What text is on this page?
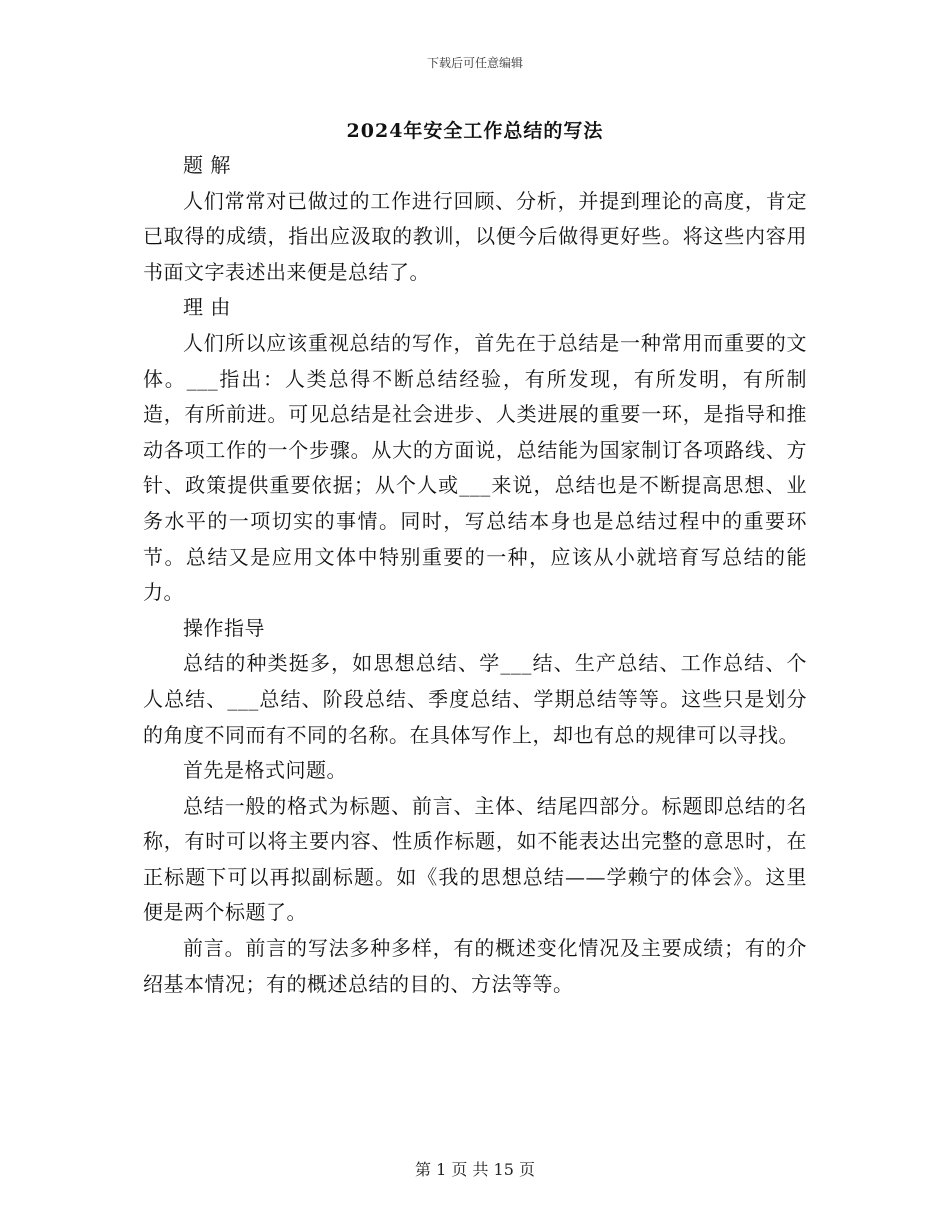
下载后可任意编辑
2024年安全工作总结的写法

题 解

人们常常对已做过的工作进行回顾、分析，并提到理论的高度，肯定已取得的成绩，指出应汲取的教训，以便今后做得更好些。将这些内容用书面文字表述出来便是总结了。

理 由

人们所以应该重视总结的写作，首先在于总结是一种常用而重要的文体。___指出：人类总得不断总结经验，有所发现，有所发明，有所制造，有所前进。可见总结是社会进步、人类进展的重要一环，是指导和推动各项工作的一个步骤。从大的方面说，总结能为国家制订各项路线、方针、政策提供重要依据；从个人或___来说，总结也是不断提高思想、业务水平的一项切实的事情。同时，写总结本身也是总结过程中的重要环节。总结又是应用文体中特别重要的一种，应该从小就培育写总结的能力。

操作指导

总结的种类挺多，如思想总结、学___结、生产总结、工作总结、个人总结、___总结、阶段总结、季度总结、学期总结等等。这些只是划分的角度不同而有不同的名称。在具体写作上，却也有总的规律可以寻找。

首先是格式问题。

总结一般的格式为标题、前言、主体、结尾四部分。标题即总结的名称，有时可以将主要内容、性质作标题，如不能表达出完整的意思时，在正标题下可以再拟副标题。如《我的思想总结——学赖宁的体会》。这里便是两个标题了。

前言。前言的写法多种多样，有的概述变化情况及主要成绩；有的介绍基本情况；有的概述总结的目的、方法等等。

第 1 页 共 15 页
